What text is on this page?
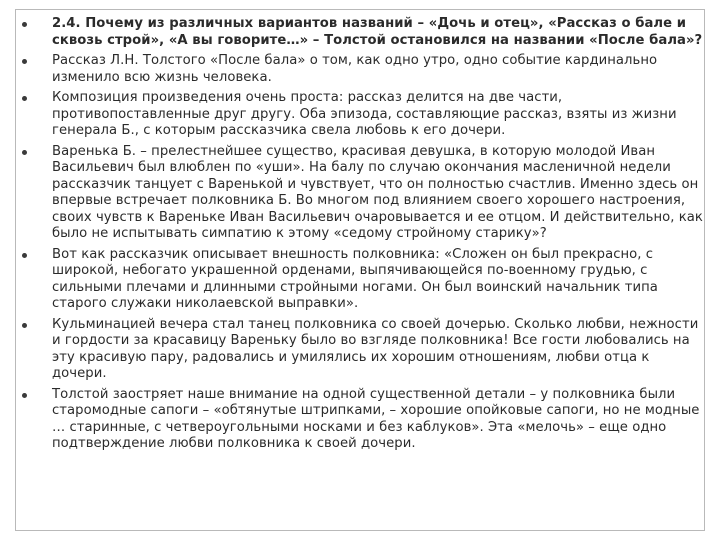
2.4. Почему из различных вариантов названий – «Дочь и отец», «Рассказ о бале и сквозь строй», «А вы говорите…» – Толстой остановился на названии «После бала»?
Рассказ Л.Н. Толстого «После бала» о том, как одно утро, одно событие кардинально изменило всю жизнь человека.
Композиция произведения очень проста: рассказ делится на две части, противопоставленные друг другу. Оба эпизода, составляющие рассказ, взяты из жизни генерала Б., с которым рассказчика свела любовь к его дочери.
Варенька Б. – прелестнейшее существо, красивая девушка, в которую молодой Иван Васильевич был влюблен по «уши». На балу по случаю окончания масленичной недели рассказчик танцует с Варенькой и чувствует, что он полностью счастлив. Именно здесь он впервые встречает полковника Б. Во многом под влиянием своего хорошего настроения, своих чувств к Вареньке Иван Васильевич очаровывается и ее отцом. И действительно, как было не испытывать симпатию к этому «седому стройному старику»?
Вот как рассказчик описывает внешность полковника: «Сложен он был прекрасно, с широкой, небогато украшенной орденами, выпячивающейся по-военному грудью, с сильными плечами и длинными стройными ногами. Он был воинский начальник типа старого служаки николаевской выправки».
Кульминацией вечера стал танец полковника со своей дочерью. Сколько любви, нежности и гордости за красавицу Вареньку было во взгляде полковника! Все гости любовались на эту красивую пару, радовались и умилялись их хорошим отношениям, любви отца к дочери.
Толстой заостряет наше внимание на одной существенной детали – у полковника были старомодные сапоги – «обтянутые штрипками, – хорошие опойковые сапоги, но не модные … старинные, с четвероугольными носками и без каблуков». Эта «мелочь» – еще одно подтверждение любви полковника к своей дочери.
